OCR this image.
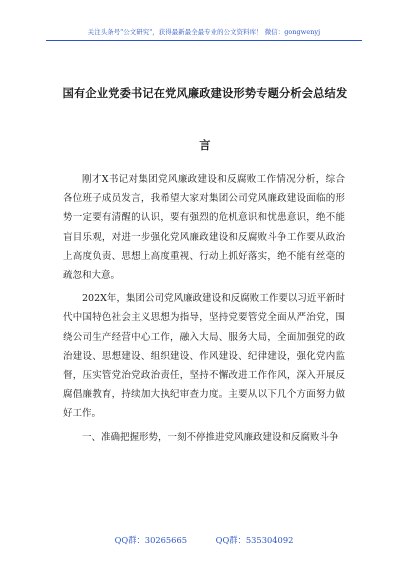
关注头条号"公文研究"，获得最新最全最专业的公文资料库！ 微信：gongwenyj
国有企业党委书记在党风廉政建设形势专题分析会总结发
言

刚才X书记对集团党风廉政建设和反腐败工作情况分析，综合各位班子成员发言，我希望大家对集团公司党风廉政建设面临的形势一定要有清醒的认识，要有强烈的危机意识和忧患意识，绝不能盲目乐观，对进一步强化党风廉政建设和反腐败斗争工作要从政治上高度负责、思想上高度重视、行动上抓好落实，绝不能有丝毫的疏忽和大意。

202X年，集团公司党风廉政建设和反腐败工作要以习近平新时代中国特色社会主义思想为指导，坚持党要管党全面从严治党，围绕公司生产经营中心工作，融入大局、服务大局，全面加强党的政治建设、思想建设、组织建设、作风建设、纪律建设，强化党内监督，压实管党治党政治责任，坚持不懈改进工作作风，深入开展反腐倡廉教育，持续加大执纪审查力度。主要从以下几个方面努力做好工作。

一、准确把握形势，一刻不停推进党风廉政建设和反腐败斗争

QQ群：30265665	QQ群：535304092
